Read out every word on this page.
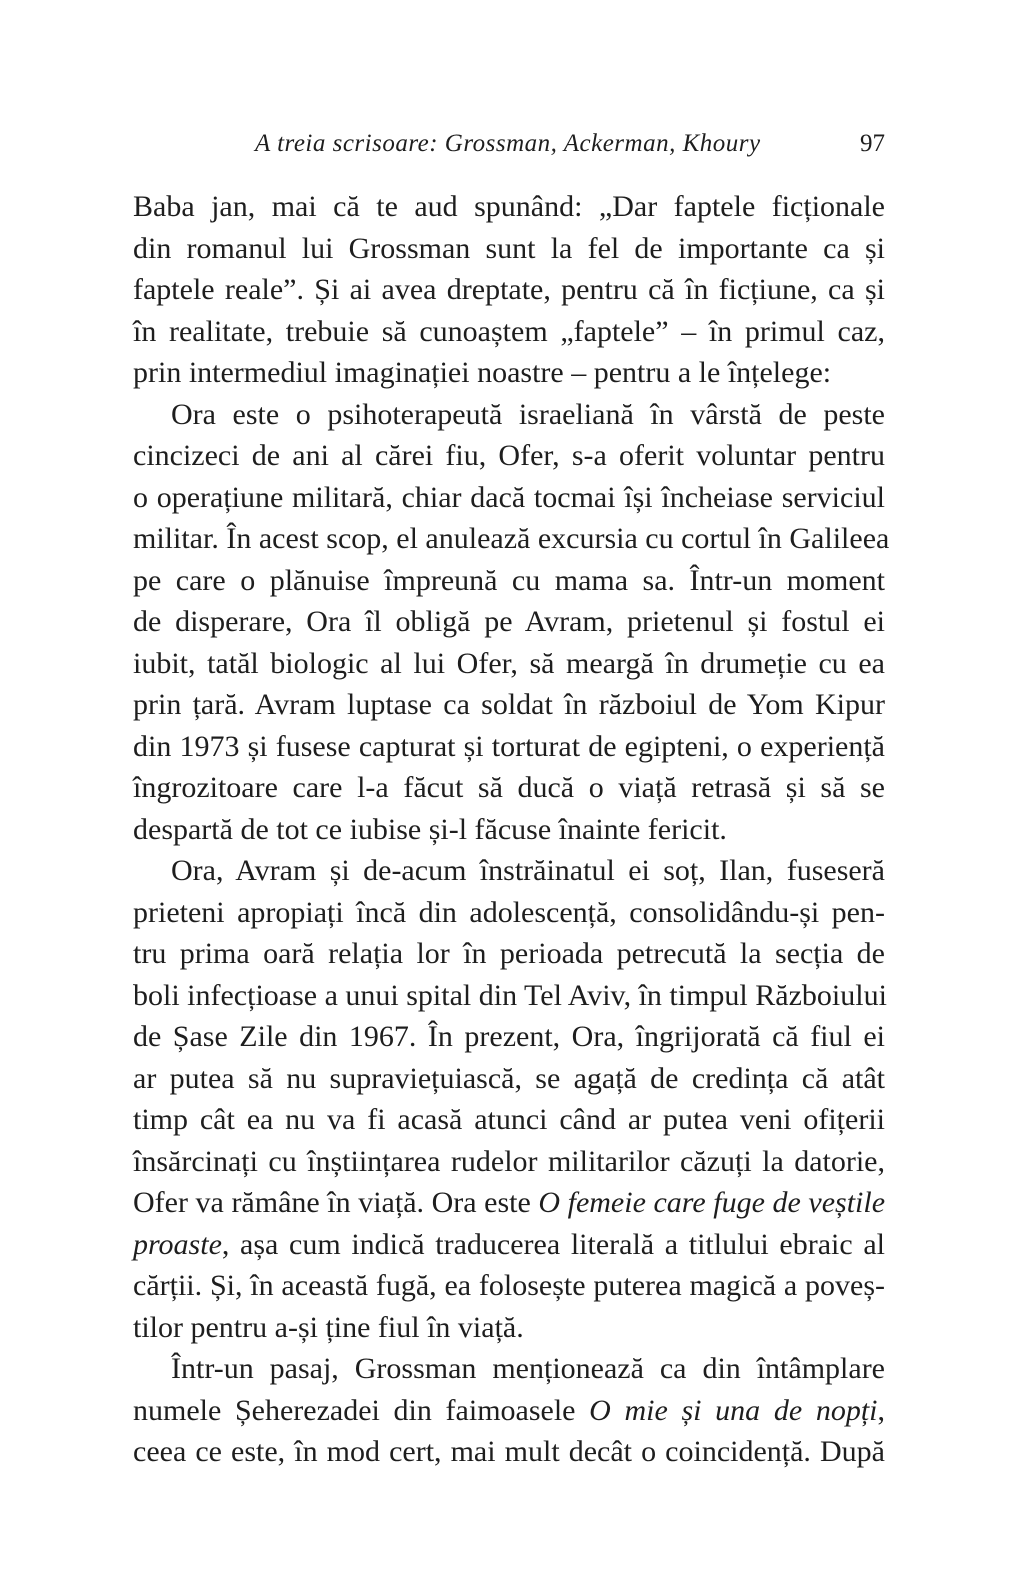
A treia scrisoare: Grossman, Ackerman, Khoury	97
Baba jan, mai că te aud spunând: „Dar faptele ficționale
din romanul lui Grossman sunt la fel de importante ca și
faptele reale”. Și ai avea dreptate, pentru că în ficțiune, ca și
în realitate, trebuie să cunoaștem „faptele” – în primul caz,
prin intermediul imaginației noastre – pentru a le înțelege:
Ora este o psihoterapeută israeliană în vârstă de peste
cincizeci de ani al cărei fiu, Ofer, s-a oferit voluntar pentru
o operațiune militară, chiar dacă tocmai își încheiase serviciul
militar. În acest scop, el anulează excursia cu cortul în Galileea
pe care o plănuise împreună cu mama sa. Într-un moment
de disperare, Ora îl obligă pe Avram, prietenul și fostul ei
iubit, tatăl biologic al lui Ofer, să meargă în drumeție cu ea
prin țară. Avram luptase ca soldat în războiul de Yom Kipur
din 1973 și fusese capturat și torturat de egipteni, o experiență
îngrozitoare care l-a făcut să ducă o viață retrasă și să se
despartă de tot ce iubise și-l făcuse înainte fericit.
Ora, Avram și de-acum înstrăinatul ei soț, Ilan, fuseseră
prieteni apropiați încă din adolescență, consolidându-și pen-
tru prima oară relația lor în perioada petrecută la secția de
boli infecțioase a unui spital din Tel Aviv, în timpul Războiului
de Șase Zile din 1967. În prezent, Ora, îngrijorată că fiul ei
ar putea să nu supraviețuiască, se agață de credința că atât
timp cât ea nu va fi acasă atunci când ar putea veni ofițerii
însărcinați cu înștiințarea rudelor militarilor căzuți la datorie,
Ofer va rămâne în viață. Ora este O femeie care fuge de veștile
proaste, așa cum indică traducerea literală a titlului ebraic al
cărții. Și, în această fugă, ea folosește puterea magică a poveș-
tilor pentru a-și ține fiul în viață.
Într-un pasaj, Grossman menționează ca din întâmplare
numele Șeherezadei din faimoasele O mie și una de nopți,
ceea ce este, în mod cert, mai mult decât o coincidență. După
